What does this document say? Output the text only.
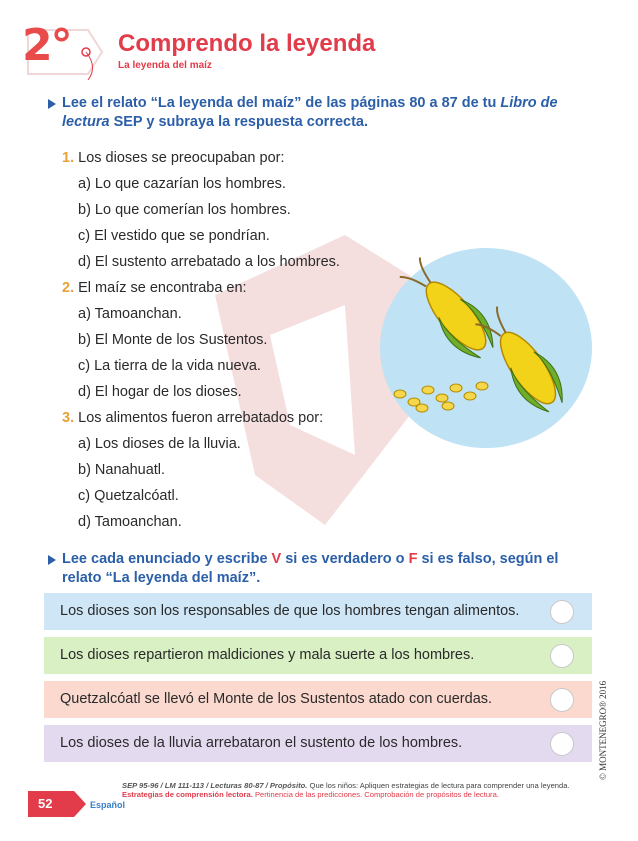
2° Comprendo la leyenda
La leyenda del maíz
Lee el relato “La leyenda del maíz” de las páginas 80 a 87 de tu Libro de lectura SEP y subraya la respuesta correcta.
1. Los dioses se preocupaban por:
a) Lo que cazarían los hombres.
b) Lo que comerían los hombres.
c) El vestido que se pondrían.
d) El sustento arrebatado a los hombres.
2. El maíz se encontraba en:
a) Tamoanchan.
b) El Monte de los Sustentos.
c) La tierra de la vida nueva.
d) El hogar de los dioses.
3. Los alimentos fueron arrebatados por:
a) Los dioses de la lluvia.
b) Nanahuatl.
c) Quetzalcóatl.
d) Tamoanchan.
Lee cada enunciado y escribe V si es verdadero o F si es falso, según el
relato “La leyenda del maíz”.
Los dioses son los responsables de que los hombres tengan alimentos.
Los dioses repartieron maldiciones y mala suerte a los hombres.
Quetzalcóatl se llevó el Monte de los Sustentos atado con cuerdas.
Los dioses de la lluvia arrebataron el sustento de los hombres.	© MONTENEGRO® 2016
52	Español
SEP 95-96 / LM 111-113 / Lecturas 80-87 / Propósito. Que los niños: Apliquen estrategias de lectura para comprender una leyenda. Estrategias de comprensión lectora. Pertinencia de las predicciones. Comprobación de propósitos de lectura.
